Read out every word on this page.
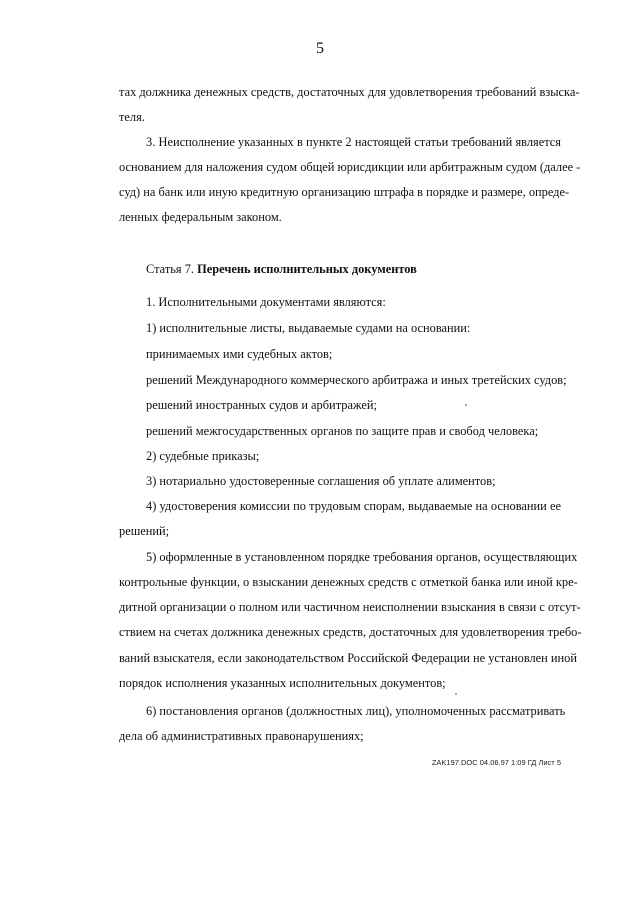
5
тах должника денежных средств, достаточных для удовлетворения требований взыска-
теля.
3. Неисполнение указанных в пункте 2 настоящей статьи требований является
основанием для наложения судом общей юрисдикции или арбитражным судом (далее -
суд) на банк или иную кредитную организацию штрафа в порядке и размере, опреде-
ленных федеральным законом.
Статья 7. Перечень исполнительных документов
1. Исполнительными документами являются:
1) исполнительные листы, выдаваемые судами на основании:
принимаемых ими судебных актов;
решений Международного коммерческого арбитража и иных третейских судов;
решений иностранных судов и арбитражей;
решений межгосударственных органов по защите прав и свобод человека;
2) судебные приказы;
3) нотариально удостоверенные соглашения об уплате алиментов;
4) удостоверения комиссии по трудовым спорам, выдаваемые на основании ее
решений;
5) оформленные в установленном порядке требования органов, осуществляющих
контрольные функции, о взыскании денежных средств с отметкой банка или иной кре-
дитной организации о полном или частичном неисполнении взыскания в связи с отсут-
ствием на счетах должника денежных средств, достаточных для удовлетворения требо-
ваний взыскателя, если законодательством Российской Федерации не установлен иной
порядок исполнения указанных исполнительных документов;
6) постановления органов (должностных лиц), уполномоченных рассматривать
дела об административных правонарушениях;
ZAK197.DOC 04.06.97 1:09 ГД Лист 5
